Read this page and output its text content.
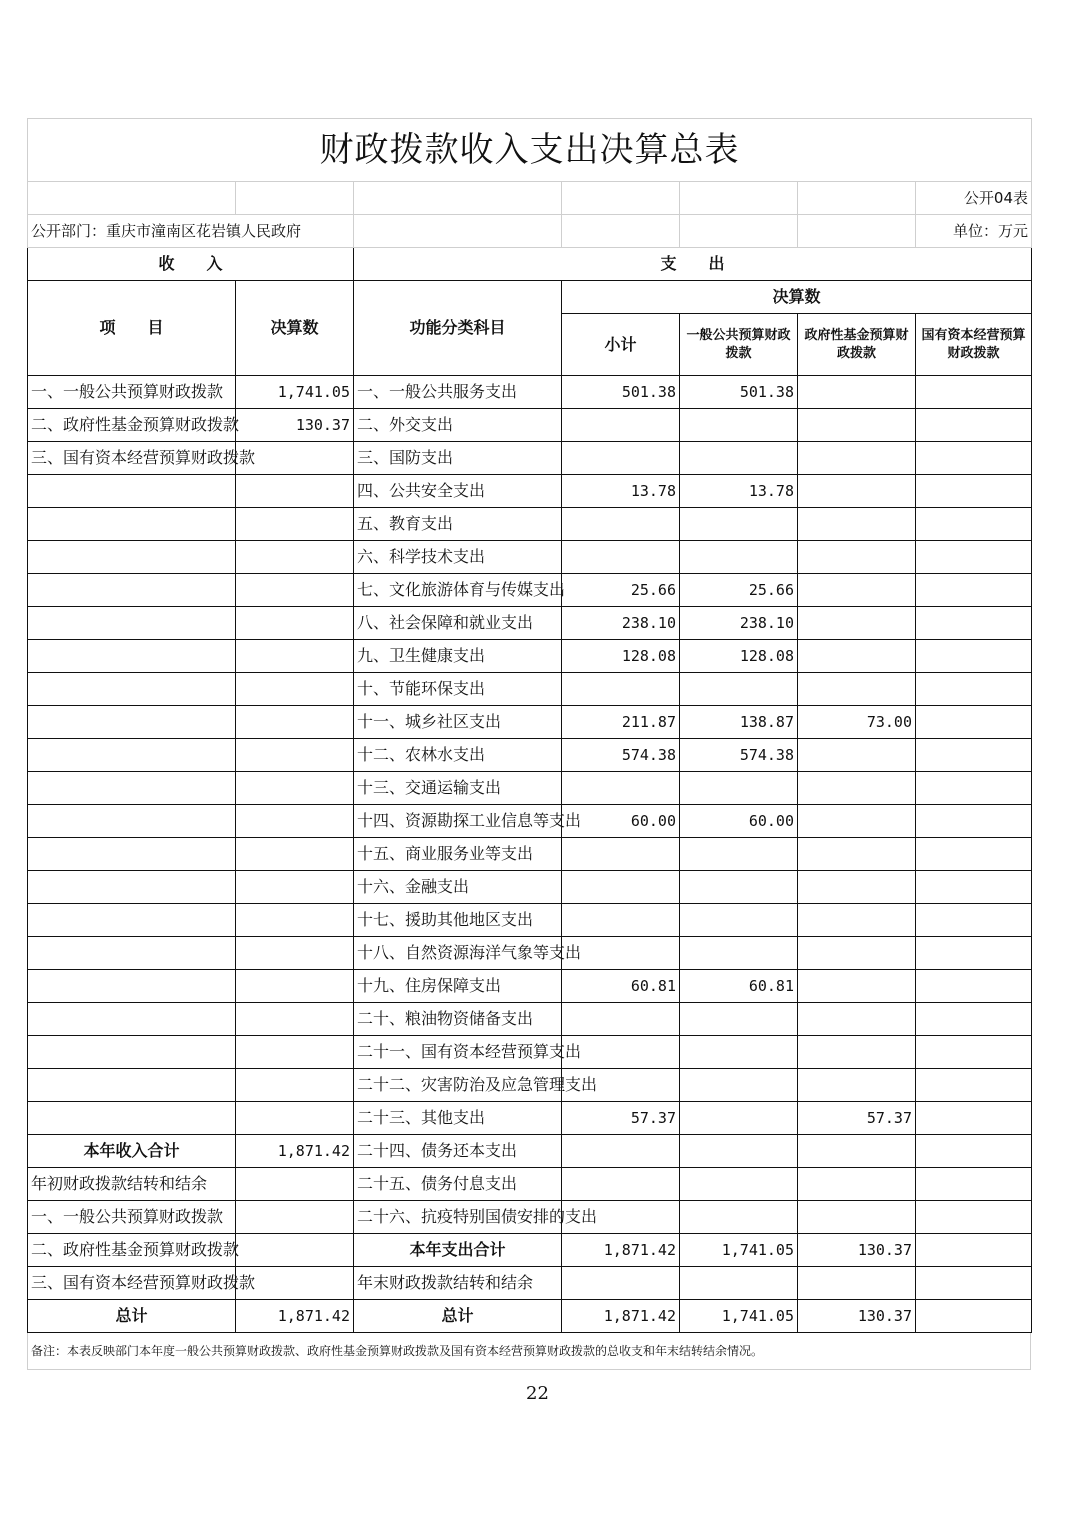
财政拨款收入支出决算总表						
						公开04表
公开部门：重庆市潼南区花岩镇人民政府						单位：万元
收　　入		支　　出				
项　　目	决算数	功能分类科目	决算数			
			小计	一般公共预算财政拨款	政府性基金预算财政拨款	国有资本经营预算财政拨款
一、一般公共预算财政拨款	1,741.05	一、一般公共服务支出	501.38	501.38		
二、政府性基金预算财政拨款	130.37	二、外交支出				
三、国有资本经营预算财政拨款		三、国防支出				
		四、公共安全支出	13.78	13.78		
		五、教育支出				
		六、科学技术支出				
		七、文化旅游体育与传媒支出	25.66	25.66		
		八、社会保障和就业支出	238.10	238.10		
		九、卫生健康支出	128.08	128.08		
		十、节能环保支出				
		十一、城乡社区支出	211.87	138.87	73.00	
		十二、农林水支出	574.38	574.38		
		十三、交通运输支出				
		十四、资源勘探工业信息等支出	60.00	60.00		
		十五、商业服务业等支出				
		十六、金融支出				
		十七、援助其他地区支出				
		十八、自然资源海洋气象等支出				
		十九、住房保障支出	60.81	60.81		
		二十、粮油物资储备支出				
		二十一、国有资本经营预算支出				
		二十二、灾害防治及应急管理支出				
		二十三、其他支出	57.37		57.37	
本年收入合计	1,871.42	二十四、债务还本支出				
年初财政拨款结转和结余		二十五、债务付息支出				
一、一般公共预算财政拨款		二十六、抗疫特别国债安排的支出				
二、政府性基金预算财政拨款		本年支出合计	1,871.42	1,741.05	130.37	
三、国有资本经营预算财政拨款		年末财政拨款结转和结余				
总计	1,871.42	总计	1,871.42	1,741.05	130.37	
备注：本表反映部门本年度一般公共预算财政拨款、政府性基金预算财政拨款及国有资本经营预算财政拨款的总收支和年末结转结余情况。
22
